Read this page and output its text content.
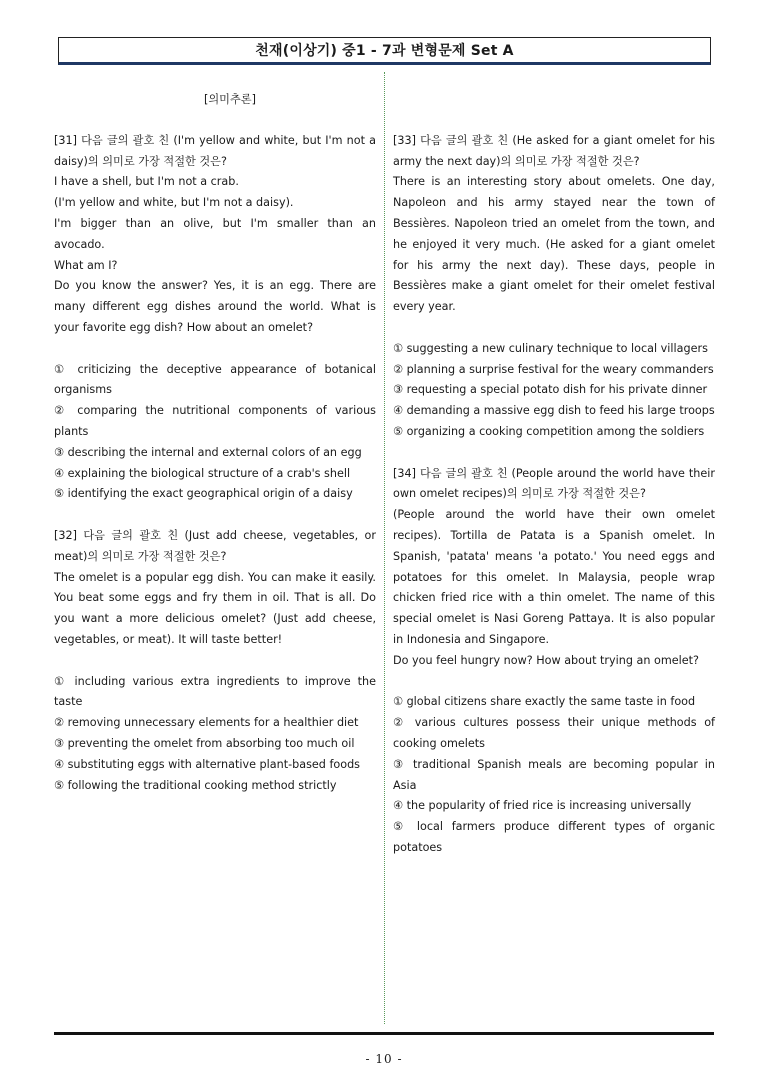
천재(이상기) 중1 - 7과 변형문제 Set A
[의미추론]
[31] 다음 글의 괄호 친 (I'm yellow and white, but I'm not a daisy)의 의미로 가장 적절한 것은?
I have a shell, but I'm not a crab.
(I'm yellow and white, but I'm not a daisy).
I'm bigger than an olive, but I'm smaller than an avocado.
What am I?
Do you know the answer? Yes, it is an egg. There are many different egg dishes around the world. What is your favorite egg dish? How about an omelet?
① criticizing the deceptive appearance of botanical organisms
② comparing the nutritional components of various plants
③ describing the internal and external colors of an egg
④ explaining the biological structure of a crab's shell
⑤ identifying the exact geographical origin of a daisy
[32] 다음 글의 괄호 친 (Just add cheese, vegetables, or meat)의 의미로 가장 적절한 것은?
The omelet is a popular egg dish. You can make it easily. You beat some eggs and fry them in oil. That is all. Do you want a more delicious omelet? (Just add cheese, vegetables, or meat). It will taste better!
① including various extra ingredients to improve the taste
② removing unnecessary elements for a healthier diet
③ preventing the omelet from absorbing too much oil
④ substituting eggs with alternative plant-based foods
⑤ following the traditional cooking method strictly

[33] 다음 글의 괄호 친 (He asked for a giant omelet for his army the next day)의 의미로 가장 적절한 것은?
There is an interesting story about omelets. One day, Napoleon and his army stayed near the town of Bessières. Napoleon tried an omelet from the town, and he enjoyed it very much. (He asked for a giant omelet for his army the next day). These days, people in Bessières make a giant omelet for their omelet festival every year.
① suggesting a new culinary technique to local villagers
② planning a surprise festival for the weary commanders
③ requesting a special potato dish for his private dinner
④ demanding a massive egg dish to feed his large troops
⑤ organizing a cooking competition among the soldiers
[34] 다음 글의 괄호 친 (People around the world have their own omelet recipes)의 의미로 가장 적절한 것은?
(People around the world have their own omelet recipes). Tortilla de Patata is a Spanish omelet. In Spanish, 'patata' means 'a potato.' You need eggs and potatoes for this omelet. In Malaysia, people wrap chicken fried rice with a thin omelet. The name of this special omelet is Nasi Goreng Pattaya. It is also popular in Indonesia and Singapore.
Do you feel hungry now? How about trying an omelet?
① global citizens share exactly the same taste in food
② various cultures possess their unique methods of cooking omelets
③ traditional Spanish meals are becoming popular in Asia
④ the popularity of fried rice is increasing universally
⑤ local farmers produce different types of organic potatoes
- 10 -
